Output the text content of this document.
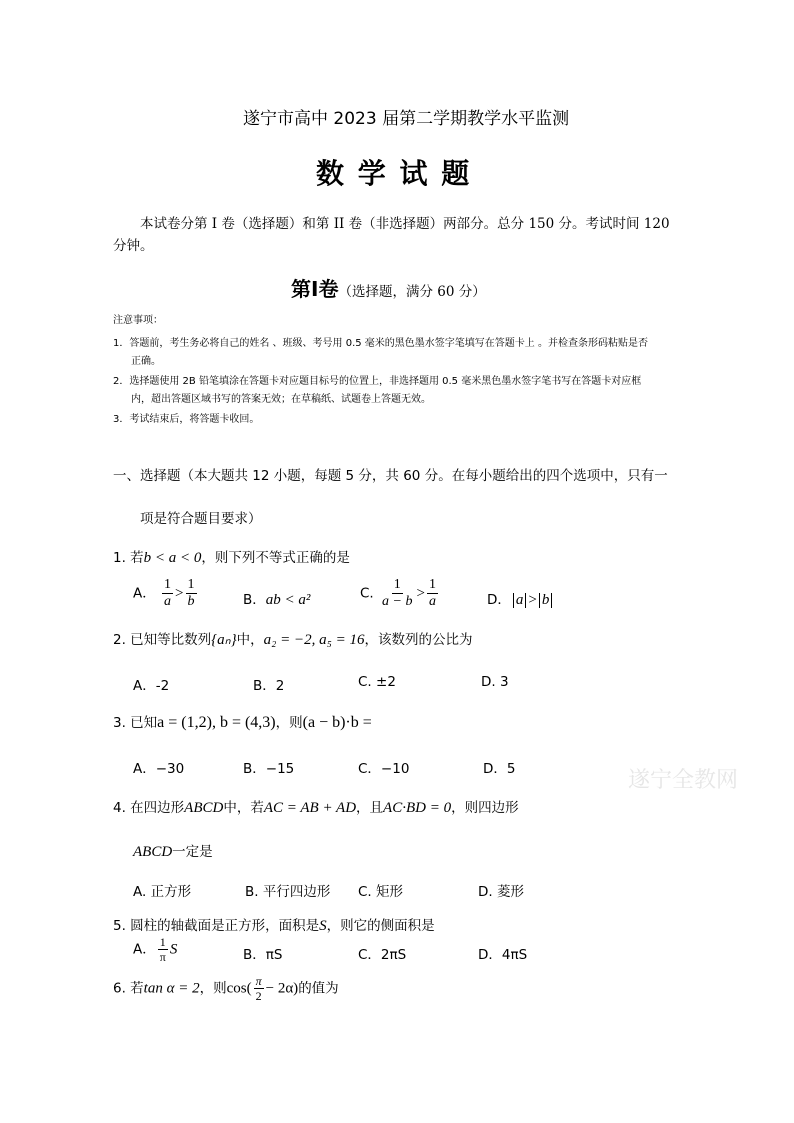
遂宁市高中 2023 届第二学期教学水平监测
数 学 试 题
本试卷分第 I 卷（选择题）和第 II 卷（非选择题）两部分。总分 150 分。考试时间 120
分钟。
第Ⅰ卷（选择题，满分 60 分）
注意事项：
1．答题前，考生务必将自己的姓名 、班级、考号用 0.5 毫米的黑色墨水签字笔填写在答题卡上 。并检查条形码粘贴是否
正确。
2．选择题使用 2B 铅笔填涂在答题卡对应题目标号的位置上，非选择题用 0.5 毫米黑色墨水签字笔书写在答题卡对应框
内，超出答题区域书写的答案无效；在草稿纸、试题卷上答题无效。
3．考试结束后，将答题卡收回。
一、选择题（本大题共 12 小题，每题 5 分，共 60 分。在每小题给出的四个选项中，只有一
项是符合题目要求）
1. 若b < a < 0，则下列不等式正确的是
A． $\frac{1}{a} > \frac{1}{b}$	B．ab < a²	C. $\frac{1}{a - b} > \frac{1}{a}$	D． a > b
2. 已知等比数列{aₙ}中，a₂ = −2, a₅ = 16，该数列的公比为
A．-2	B．2	C. ±2	D. 3
3. 已知a = (1,2), b = (4,3)，则(a − b)·b =
A．−30	B．−15	C．−10	D．5	遂宁全教网
4. 在四边形ABCD中，若AC = AB + AD，且AC·BD = 0，则四边形
ABCD一定是
A. 正方形	B. 平行四边形 C. 矩形	D. 菱形
5. 圆柱的轴截面是正方形，面积是S，则它的侧面积是
A． $\frac{1}{\pi}$ S	B．πS	C．2πS	D．4πS
6. 若tan α = 2，则$\cos( \frac{\pi}{2} - 2\alpha)$的值为
